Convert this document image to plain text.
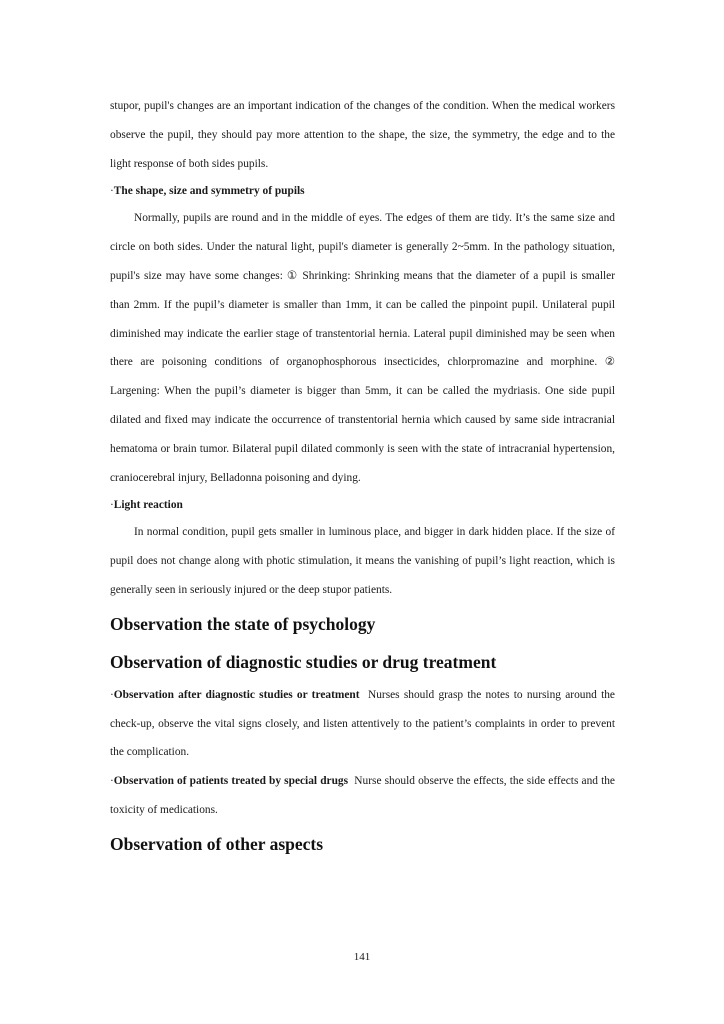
stupor, pupil's changes are an important indication of the changes of the condition. When the medical workers observe the pupil, they should pay more attention to the shape, the size, the symmetry, the edge and to the light response of both sides pupils.

·The shape, size and symmetry of pupils

Normally, pupils are round and in the middle of eyes. The edges of them are tidy. It’s the same size and circle on both sides. Under the natural light, pupil's diameter is generally 2~5mm. In the pathology situation, pupil's size may have some changes: ① Shrinking: Shrinking means that the diameter of a pupil is smaller than 2mm. If the pupil’s diameter is smaller than 1mm, it can be called the pinpoint pupil. Unilateral pupil diminished may indicate the earlier stage of transtentorial hernia. Lateral pupil diminished may be seen when there are poisoning conditions of organophosphorous insecticides, chlorpromazine and morphine. ② Largening: When the pupil’s diameter is bigger than 5mm, it can be called the mydriasis. One side pupil dilated and fixed may indicate the occurrence of transtentorial hernia which caused by same side intracranial hematoma or brain tumor. Bilateral pupil dilated commonly is seen with the state of intracranial hypertension, craniocerebral injury, Belladonna poisoning and dying.

·Light reaction

In normal condition, pupil gets smaller in luminous place, and bigger in dark hidden place. If the size of pupil does not change along with photic stimulation, it means the vanishing of pupil’s light reaction, which is generally seen in seriously injured or the deep stupor patients.

Observation the state of psychology
Observation of diagnostic studies or drug treatment

·Observation after diagnostic studies or treatment Nurses should grasp the notes to nursing around the check-up, observe the vital signs closely, and listen attentively to the patient’s complaints in order to prevent the complication.

·Observation of patients treated by special drugs Nurse should observe the effects, the side effects and the toxicity of medications.

Observation of other aspects
141
